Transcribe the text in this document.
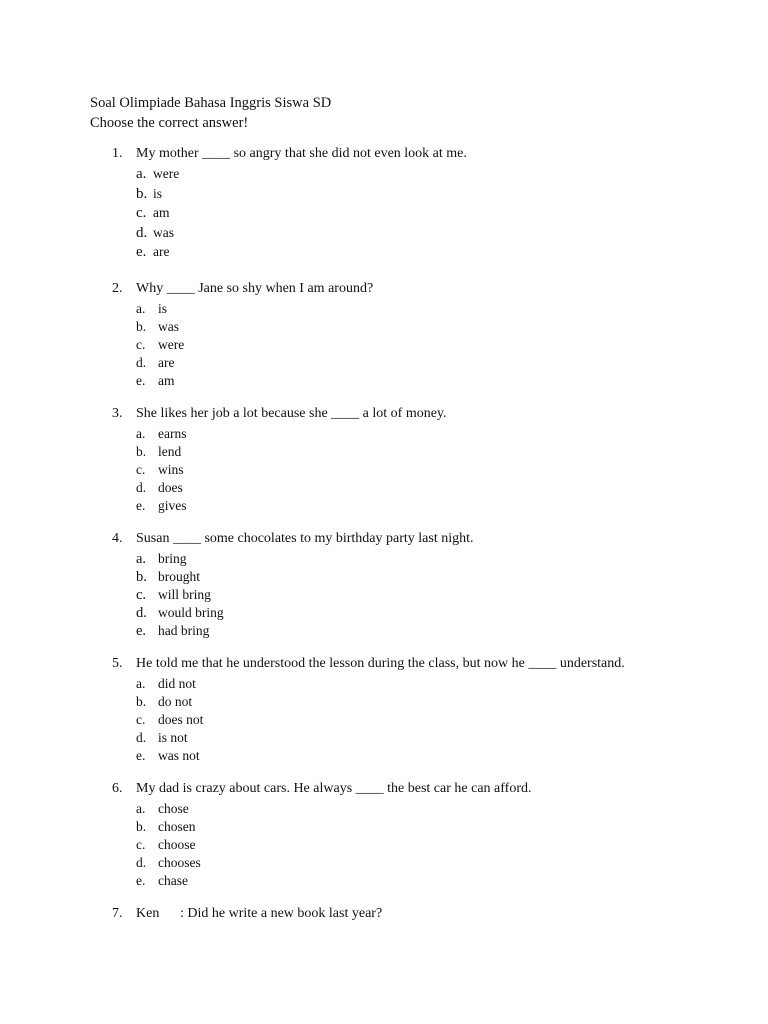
Soal Olimpiade Bahasa Inggris Siswa SD
Choose the correct answer!
1. My mother ____ so angry that she did not even look at me.
a. were
b. is
c. am
d. was
e. are
2. Why ____ Jane so shy when I am around?
a. is
b. was
c. were
d. are
e. am
3. She likes her job a lot because she ____ a lot of money.
a. earns
b. lend
c. wins
d. does
e. gives
4. Susan ____ some chocolates to my birthday party last night.
a. bring
b. brought
c. will bring
d. would bring
e. had bring
5. He told me that he understood the lesson during the class, but now he ____ understand.
a. did not
b. do not
c. does not
d. is not
e. was not
6. My dad is crazy about cars. He always ____ the best car he can afford.
a. chose
b. chosen
c. choose
d. chooses
e. chase
7. Ken : Did he write a new book last year?
